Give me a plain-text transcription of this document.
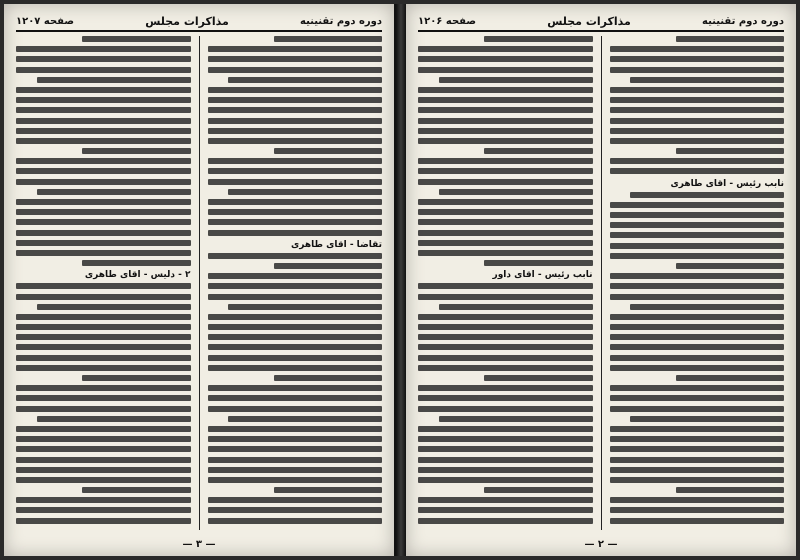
دوره دوم تقنينيه
مذاكرات مجلس
صفحه ۱۲۰۷
تقاضا - آقاى طاهرى
۲ - دليس - آقاى طاهرى
— ۳ —
دوره دوم تقنينيه
مذاكرات مجلس
صفحه ۱۲۰۶
نابب رئيس - آقاى طاهرى
نابب رئيس - آقاى داور
— ۲ —
